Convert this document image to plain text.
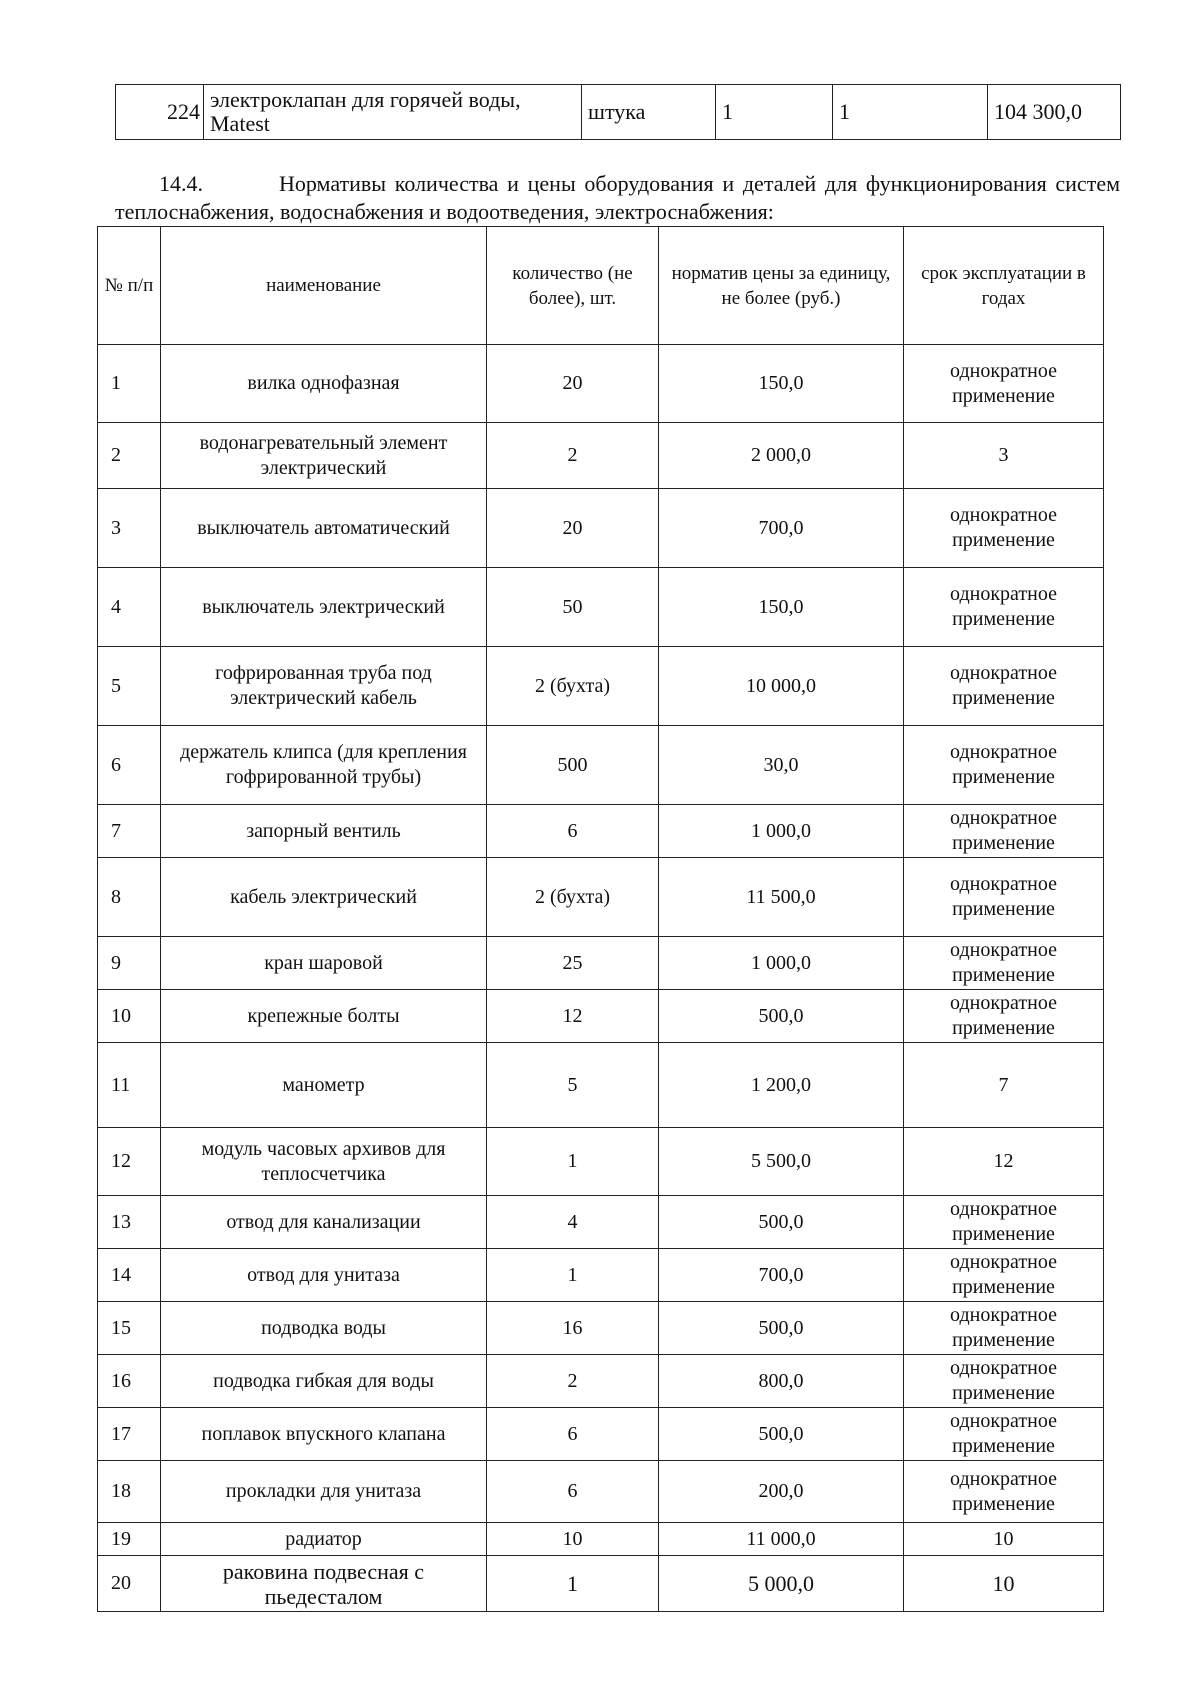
224	электроклапан для горячей воды, Matest	штука	1	1	104 300,0

14.4.	Нормативы количества и цены оборудования и деталей для функционирования систем теплоснабжения, водоснабжения и водоотведения, электроснабжения:

№ п/п	наименование	количество (не более), шт.	норматив цены за единицу, не более (руб.)	срок эксплуатации в годах
1	вилка однофазная	20	150,0	однократное применение
2	водонагревательный элемент электрический	2	2 000,0	3
3	выключатель автоматический	20	700,0	однократное применение
4	выключатель электрический	50	150,0	однократное применение
5	гофрированная труба под электрический кабель	2 (бухта)	10 000,0	однократное применение
6	держатель клипса (для крепления гофрированной трубы)	500	30,0	однократное применение
7	запорный вентиль	6	1 000,0	однократное применение
8	кабель электрический	2 (бухта)	11 500,0	однократное применение
9	кран шаровой	25	1 000,0	однократное применение
10	крепежные болты	12	500,0	однократное применение
11	манометр	5	1 200,0	7
12	модуль часовых архивов для теплосчетчика	1	5 500,0	12
13	отвод для канализации	4	500,0	однократное применение
14	отвод для унитаза	1	700,0	однократное применение
15	подводка воды	16	500,0	однократное применение
16	подводка гибкая для воды	2	800,0	однократное применение
17	поплавок впускного клапана	6	500,0	однократное применение
18	прокладки для унитаза	6	200,0	однократное применение
19	радиатор	10	11 000,0	10
20	раковина подвесная с пьедесталом	1	5 000,0	10
